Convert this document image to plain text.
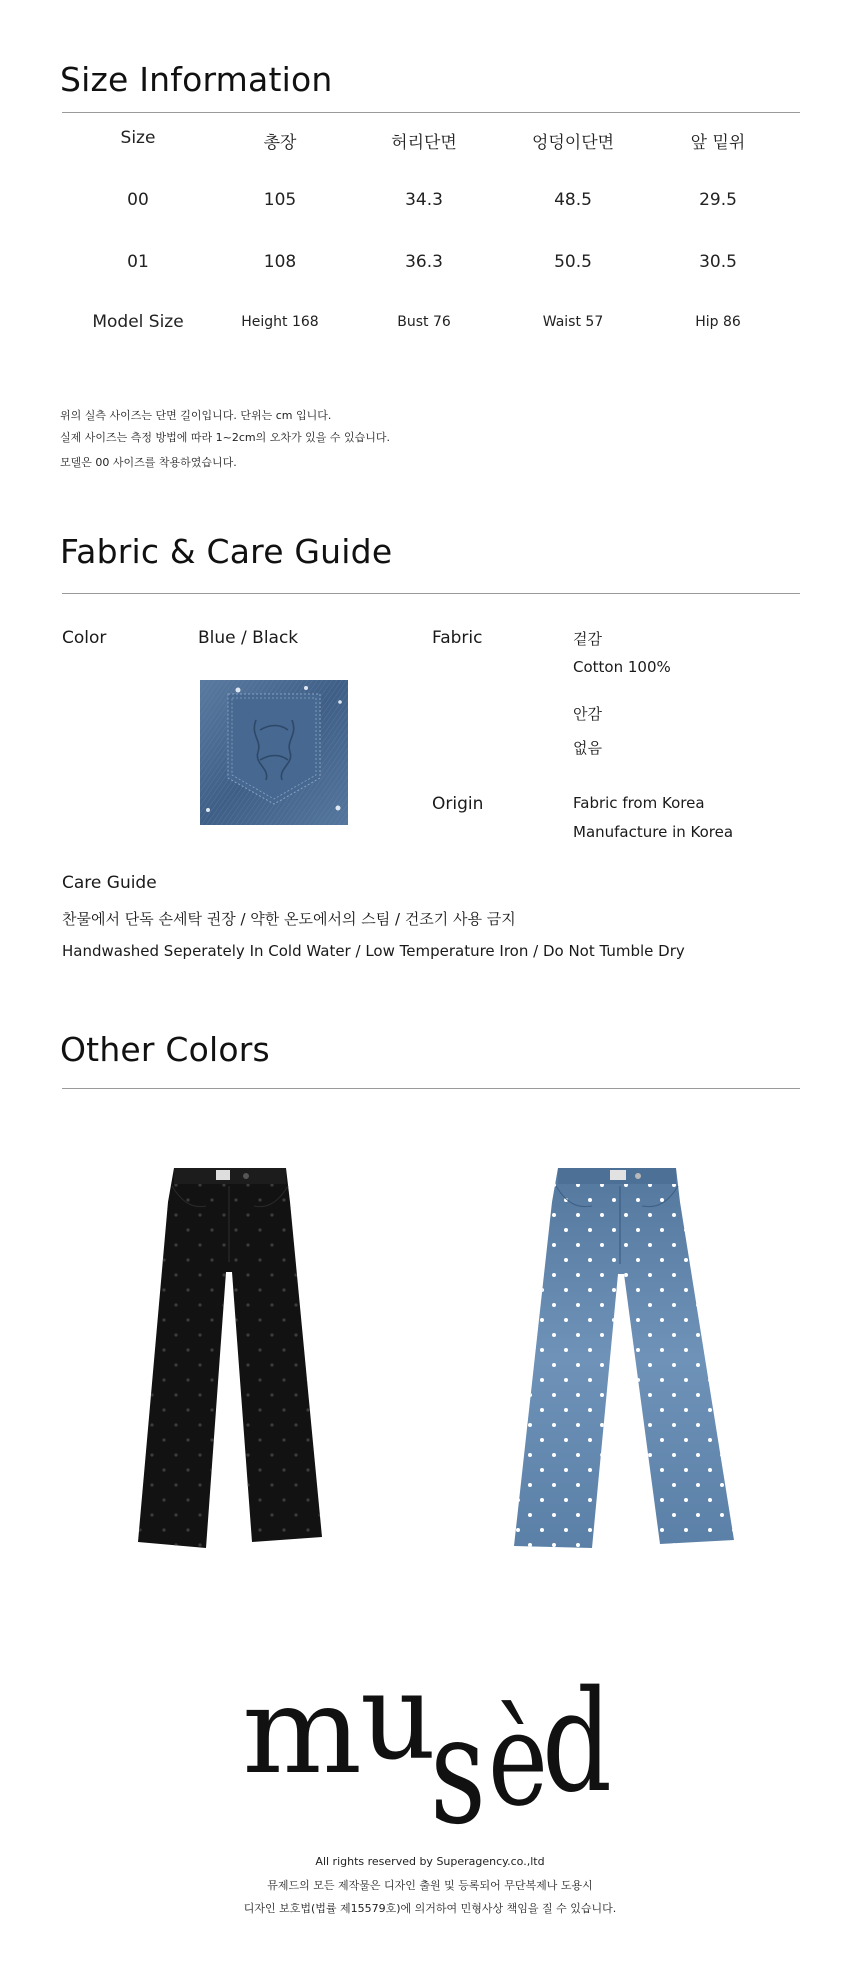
Size Information
Size	총장	허리단면	엉덩이단면	앞 밑위
00	105	34.3	48.5	29.5
01	108	36.3	50.5	30.5
Model Size	Height 168	Bust 76	Waist 57	Hip 86
위의 실측 사이즈는 단면 길이입니다. 단위는 cm 입니다.
실제 사이즈는 측정 방법에 따라 1~2cm의 오차가 있을 수 있습니다.
모델은 00 사이즈를 착용하였습니다.
Fabric & Care Guide
Color	Blue / Black	Fabric	겉감
Cotton 100%
안감
없음
Origin	Fabric from Korea
Manufacture in Korea
Care Guide
찬물에서 단독 손세탁 권장 / 약한 온도에서의 스팀 / 건조기 사용 금지
Handwashed Seperately In Cold Water / Low Temperature Iron / Do Not Tumble Dry
Other Colors
m
u
s è
d
All rights reserved by Superagency.co.,ltd
뮤제드의 모든 제작물은 디자인 출원 및 등록되어 무단복제나 도용시
디자인 보호법(법률 제15579호)에 의거하여 민형사상 책임을 질 수 있습니다.
